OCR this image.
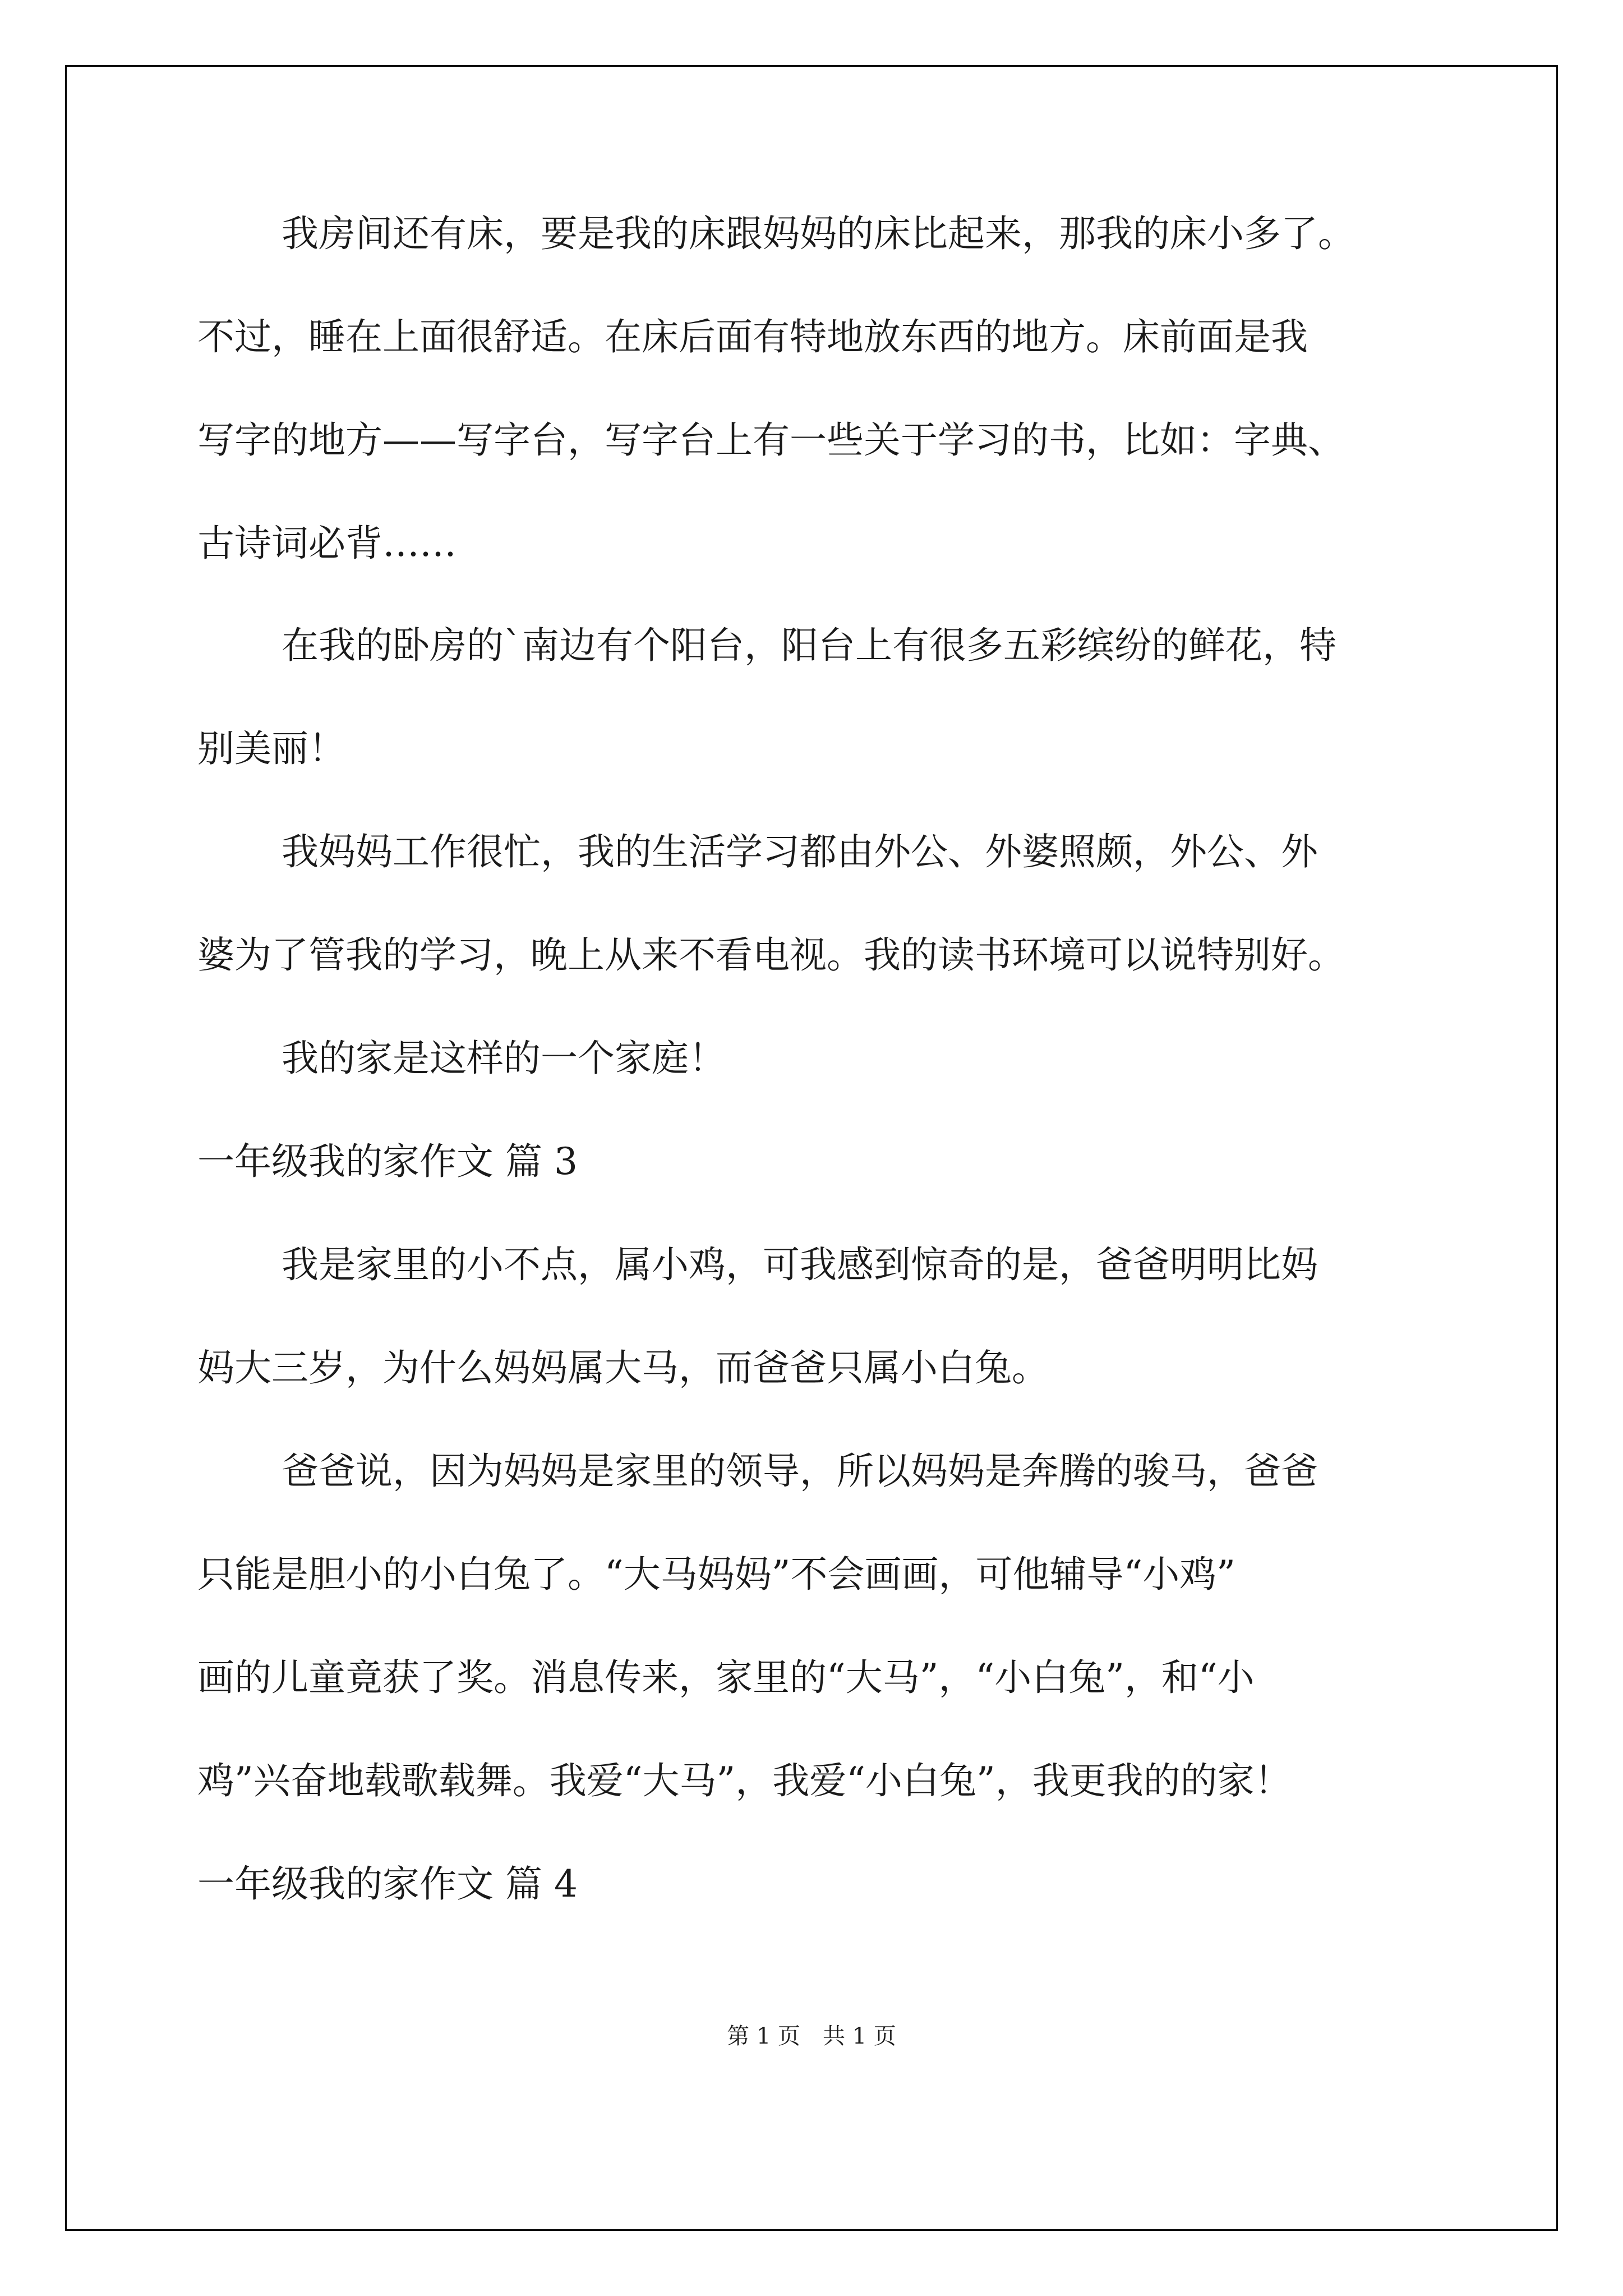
我房间还有床，要是我的床跟妈妈的床比起来，那我的床小多了。
不过，睡在上面很舒适。在床后面有特地放东西的地方。床前面是我
写字的地方——写字台，写字台上有一些关于学习的书，比如：字典、
古诗词必背……
在我的卧房的`南边有个阳台，阳台上有很多五彩缤纷的鲜花，特
别美丽！
我妈妈工作很忙，我的生活学习都由外公、外婆照颇，外公、外
婆为了管我的学习，晚上从来不看电视。我的读书环境可以说特别好。
我的家是这样的一个家庭！
一年级我的家作文 篇 3
我是家里的小不点，属小鸡，可我感到惊奇的是，爸爸明明比妈
妈大三岁，为什么妈妈属大马，而爸爸只属小白兔。
爸爸说，因为妈妈是家里的领导，所以妈妈是奔腾的骏马，爸爸
只能是胆小的小白兔了。“大马妈妈”不会画画，可他辅导“小鸡”
画的儿童竟获了奖。消息传来，家里的“大马”，“小白兔”，和“小
鸡”兴奋地载歌载舞。我爱“大马”，我爱“小白兔”，我更我的的家！
一年级我的家作文 篇 4
第 1 页 共 1 页
